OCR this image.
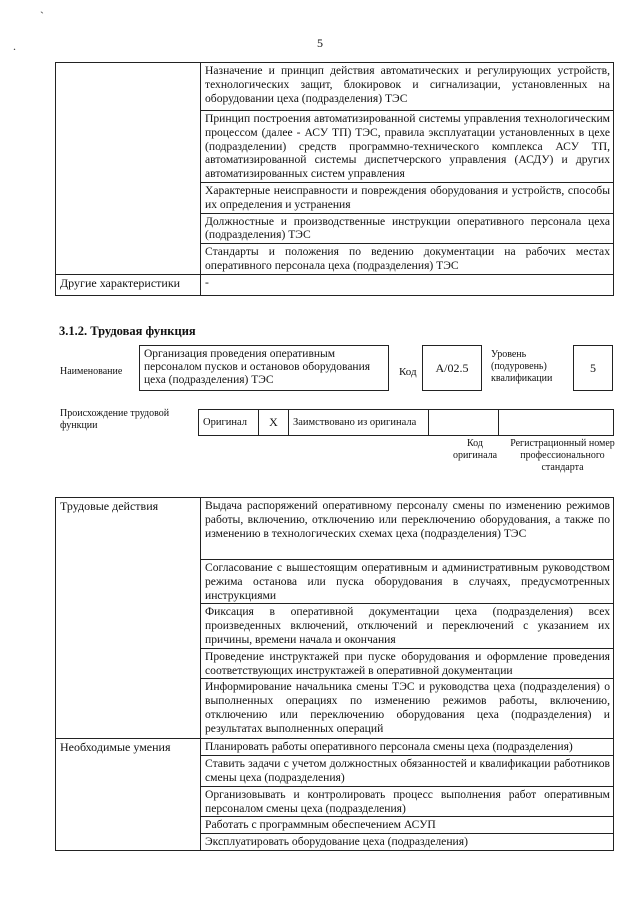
`
.	5
	Назначение и принцип действия автоматических и регулирующих устройств, технологических защит, блокировок и сигнализации, установленных на оборудовании цеха (подразделения) ТЭС
	Принцип построения автоматизированной системы управления технологическим процессом (далее - АСУ ТП) ТЭС, правила эксплуатации установленных в цехе (подразделении) средств программно-технического комплекса АСУ ТП, автоматизированной системы диспетчерского управления (АСДУ) и других автоматизированных систем управления
	Характерные неисправности и повреждения оборудования и устройств, способы их определения и устранения
	Должностные и производственные инструкции оперативного персонала цеха (подразделения) ТЭС
	Стандарты и положения по ведению документации на рабочих местах оперативного персонала цеха (подразделения) ТЭС
Другие характеристики	-
3.1.2. Трудовая функция
Наименование
Организация проведения оперативным персоналом пусков и остановов оборудования цеха (подразделения) ТЭС
Код	А/02.5
Уровень (подуровень) квалификации
5
Происхождение трудовой функции	Оригинал	X	Заимствовано из оригинала		
Код оригинала
Регистрационный номер профессионального стандарта
Трудовые действия	Выдача распоряжений оперативному персоналу смены по изменению режимов работы, включению, отключению или переключению оборудования, а также по изменению в технологических схемах цеха (подразделения) ТЭС
	Согласование с вышестоящим оперативным и административным руководством режима останова или пуска оборудования в случаях, предусмотренных инструкциями
	Фиксация в оперативной документации цеха (подразделения) всех произведенных включений, отключений и переключений с указанием их причины, времени начала и окончания
	Проведение инструктажей при пуске оборудования и оформление проведения соответствующих инструктажей в оперативной документации
	Информирование начальника смены ТЭС и руководства цеха (подразделения) о выполненных операциях по изменению режимов работы, включению, отключению или переключению оборудования цеха (подразделения) и результатах выполненных операций
Необходимые умения	Планировать работы оперативного персонала смены цеха (подразделения)
	Ставить задачи с учетом должностных обязанностей и квалификации работников смены цеха (подразделения)
	Организовывать и контролировать процесс выполнения работ оперативным персоналом смены цеха (подразделения)
	Работать с программным обеспечением АСУП
	Эксплуатировать оборудование цеха (подразделения)
